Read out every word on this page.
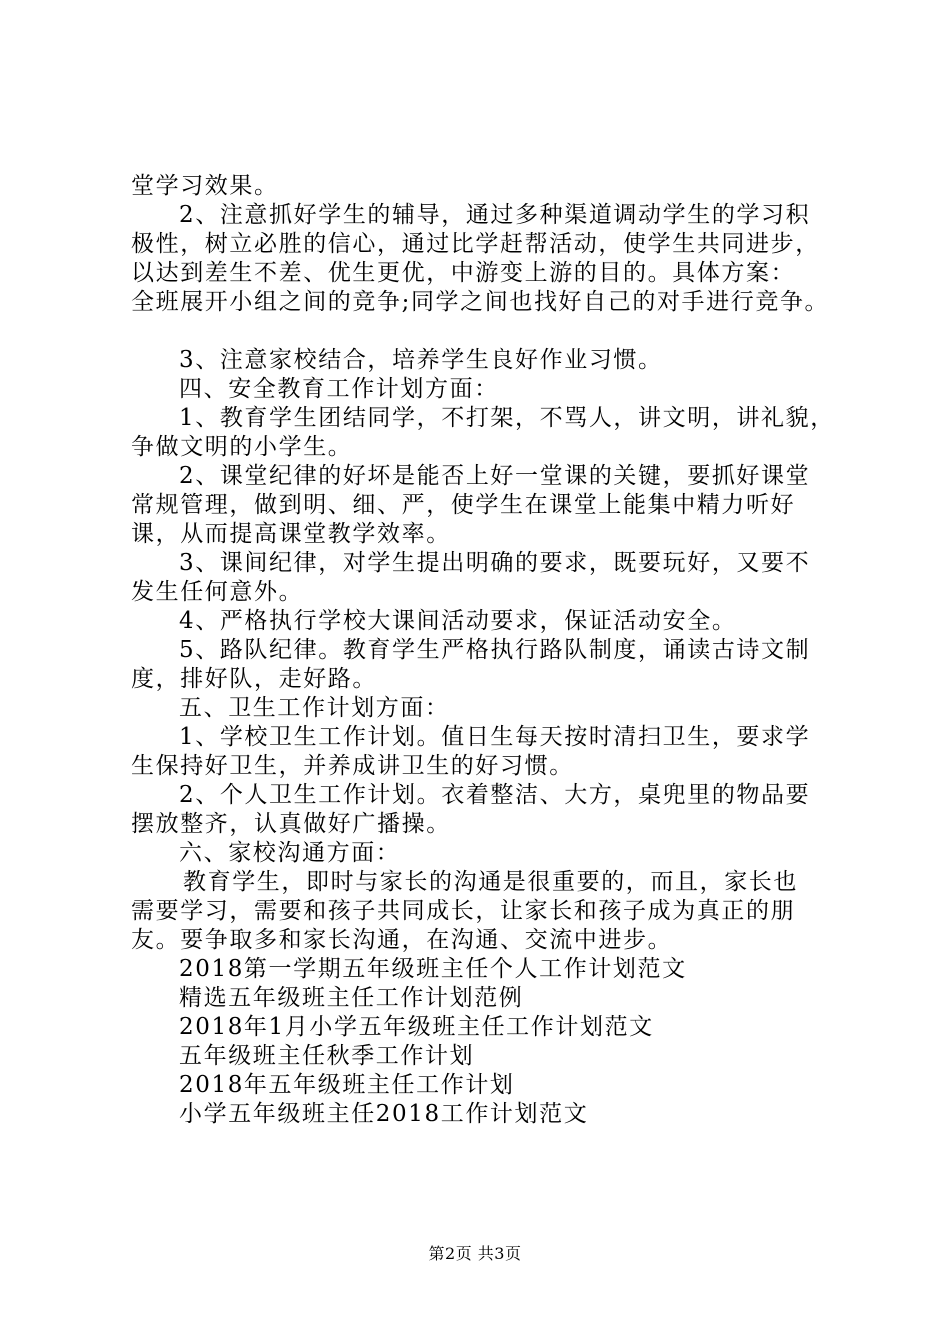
堂学习效果。
2、注意抓好学生的辅导，通过多种渠道调动学生的学习积
极性，树立必胜的信心，通过比学赶帮活动，使学生共同进步，
以达到差生不差、优生更优，中游变上游的目的。具体方案：
全班展开小组之间的竞争;同学之间也找好自己的对手进行竞争。
3、注意家校结合，培养学生良好作业习惯。
四、安全教育工作计划方面：
1、教育学生团结同学，不打架，不骂人，讲文明，讲礼貌，
争做文明的小学生。
2、课堂纪律的好坏是能否上好一堂课的关键，要抓好课堂
常规管理，做到明、细、严，使学生在课堂上能集中精力听好
课，从而提高课堂教学效率。
3、课间纪律，对学生提出明确的要求，既要玩好，又要不
发生任何意外。
4、严格执行学校大课间活动要求，保证活动安全。
5、路队纪律。教育学生严格执行路队制度，诵读古诗文制
度，排好队，走好路。
五、卫生工作计划方面：
1、学校卫生工作计划。值日生每天按时清扫卫生，要求学
生保持好卫生，并养成讲卫生的好习惯。
2、个人卫生工作计划。衣着整洁、大方，桌兜里的物品要
摆放整齐，认真做好广播操。
六、家校沟通方面：
教育学生，即时与家长的沟通是很重要的，而且，家长也
需要学习，需要和孩子共同成长，让家长和孩子成为真正的朋
友。要争取多和家长沟通，在沟通、交流中进步。
2018第一学期五年级班主任个人工作计划范文
精选五年级班主任工作计划范例
2018年1月小学五年级班主任工作计划范文
五年级班主任秋季工作计划
2018年五年级班主任工作计划
小学五年级班主任2018工作计划范文
第2页 共3页
